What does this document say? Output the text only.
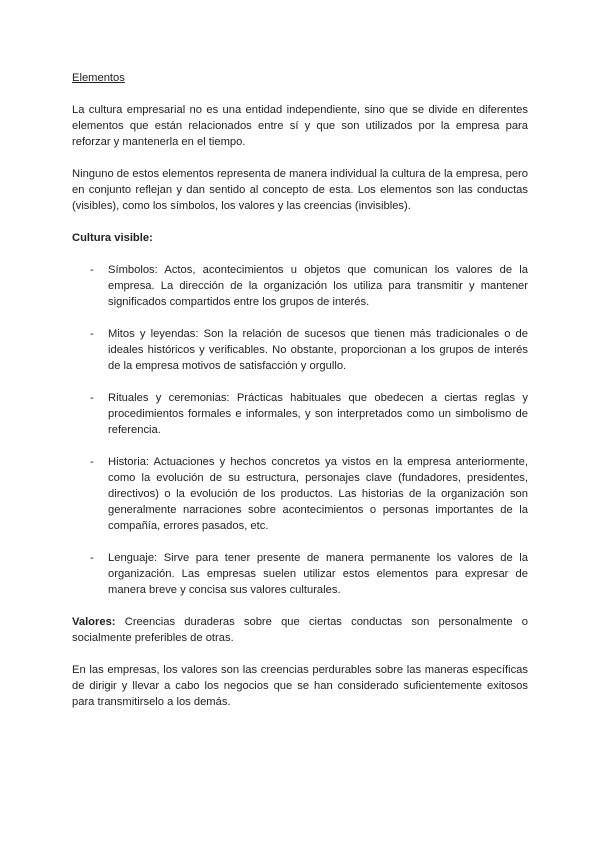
Elementos

La cultura empresarial no es una entidad independiente, sino que se divide en diferentes elementos que están relacionados entre sí y que son utilizados por la empresa para reforzar y mantenerla en el tiempo.

Ninguno de estos elementos representa de manera individual la cultura de la empresa, pero en conjunto reflejan y dan sentido al concepto de esta. Los elementos son las conductas (visibles), como los símbolos, los valores y las creencias (invisibles).

Cultura visible:
- Símbolos: Actos, acontecimientos u objetos que comunican los valores de la empresa. La dirección de la organización los utiliza para transmitir y mantener significados compartidos entre los grupos de interés.
- Mitos y leyendas: Son la relación de sucesos que tienen más tradicionales o de ideales históricos y verificables. No obstante, proporcionan a los grupos de interés de la empresa motivos de satisfacción y orgullo.
- Rituales y ceremonias: Prácticas habituales que obedecen a ciertas reglas y procedimientos formales e informales, y son interpretados como un simbolismo de referencia.
- Historia: Actuaciones y hechos concretos ya vistos en la empresa anteriormente, como la evolución de su estructura, personajes clave (fundadores, presidentes, directivos) o la evolución de los productos. Las historias de la organización son generalmente narraciones sobre acontecimientos o personas importantes de la compañía, errores pasados, etc.
- Lenguaje: Sirve para tener presente de manera permanente los valores de la organización. Las empresas suelen utilizar estos elementos para expresar de manera breve y concisa sus valores culturales.

Valores: Creencias duraderas sobre que ciertas conductas son personalmente o socialmente preferibles de otras.

En las empresas, los valores son las creencias perdurables sobre las maneras específicas de dirigir y llevar a cabo los negocios que se han considerado suficientemente exitosos para transmitirselo a los demás.
